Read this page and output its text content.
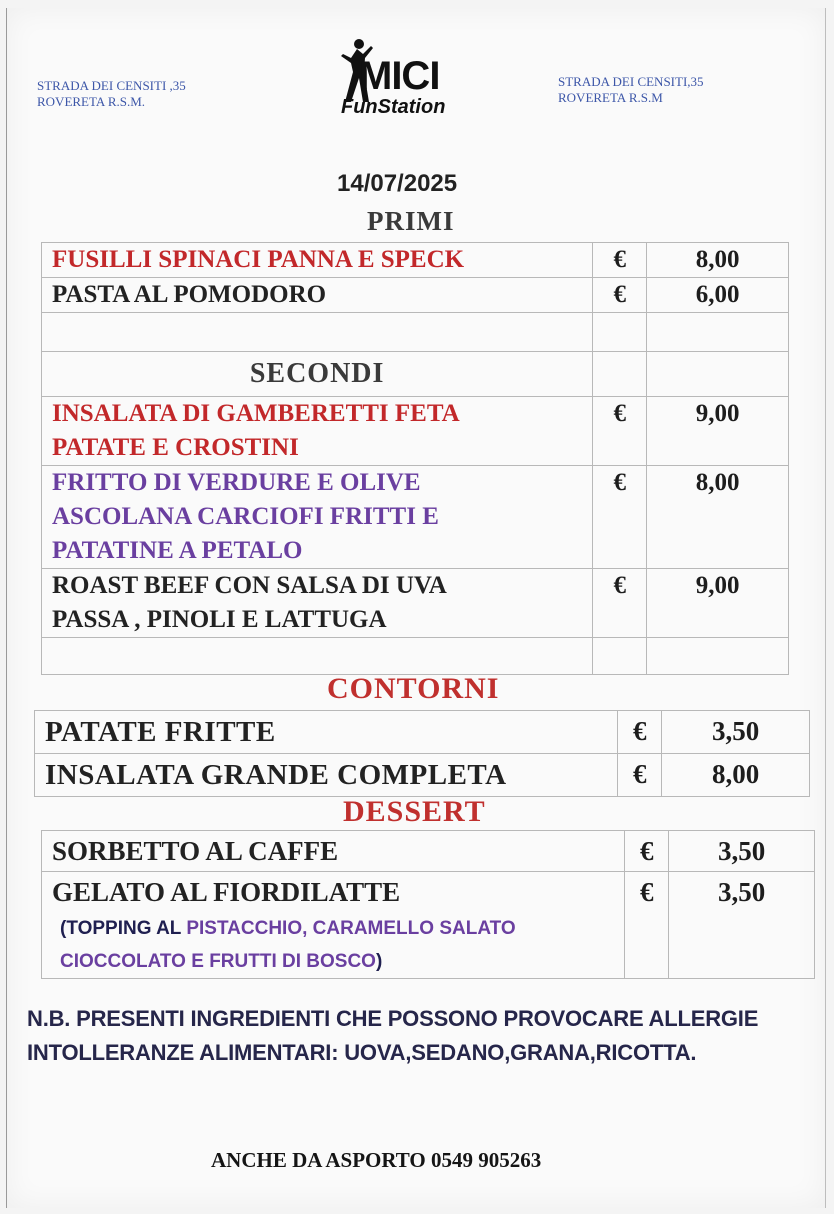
STRADA DEI CENSITI ,35
ROVERETA R.S.M.
MICI
FunStation
STRADA DEI CENSITI,35
ROVERETA R.S.M
14/07/2025
PRIMI
FUSILLI SPINACI PANNA E SPECK	€	8,00
PASTA AL POMODORO	€	6,00

SECONDI		

INSALATA DI GAMBERETTI FETA
PATATE E CROSTINI	€	9,00

FRITTO DI VERDURE E OLIVE
ASCOLANA CARCIOFI FRITTI E
PATATINE A PETALO	€	8,00

ROAST BEEF CON SALSA DI UVA
PASSA , PINOLI E LATTUGA	€	9,00

CONTORNI
PATATE FRITTE	€	3,50
INSALATA GRANDE COMPLETA	€	8,00
DESSERT
SORBETTO AL CAFFE	€	3,50

GELATO AL FIORDILATTE
(TOPPING AL PISTACCHIO, CARAMELLO SALATO
CIOCCOLATO E FRUTTI DI BOSCO)	€	3,50
N.B. PRESENTI INGREDIENTI CHE POSSONO PROVOCARE ALLERGIE
INTOLLERANZE ALIMENTARI: UOVA,SEDANO,GRANA,RICOTTA.
ANCHE DA ASPORTO 0549 905263
